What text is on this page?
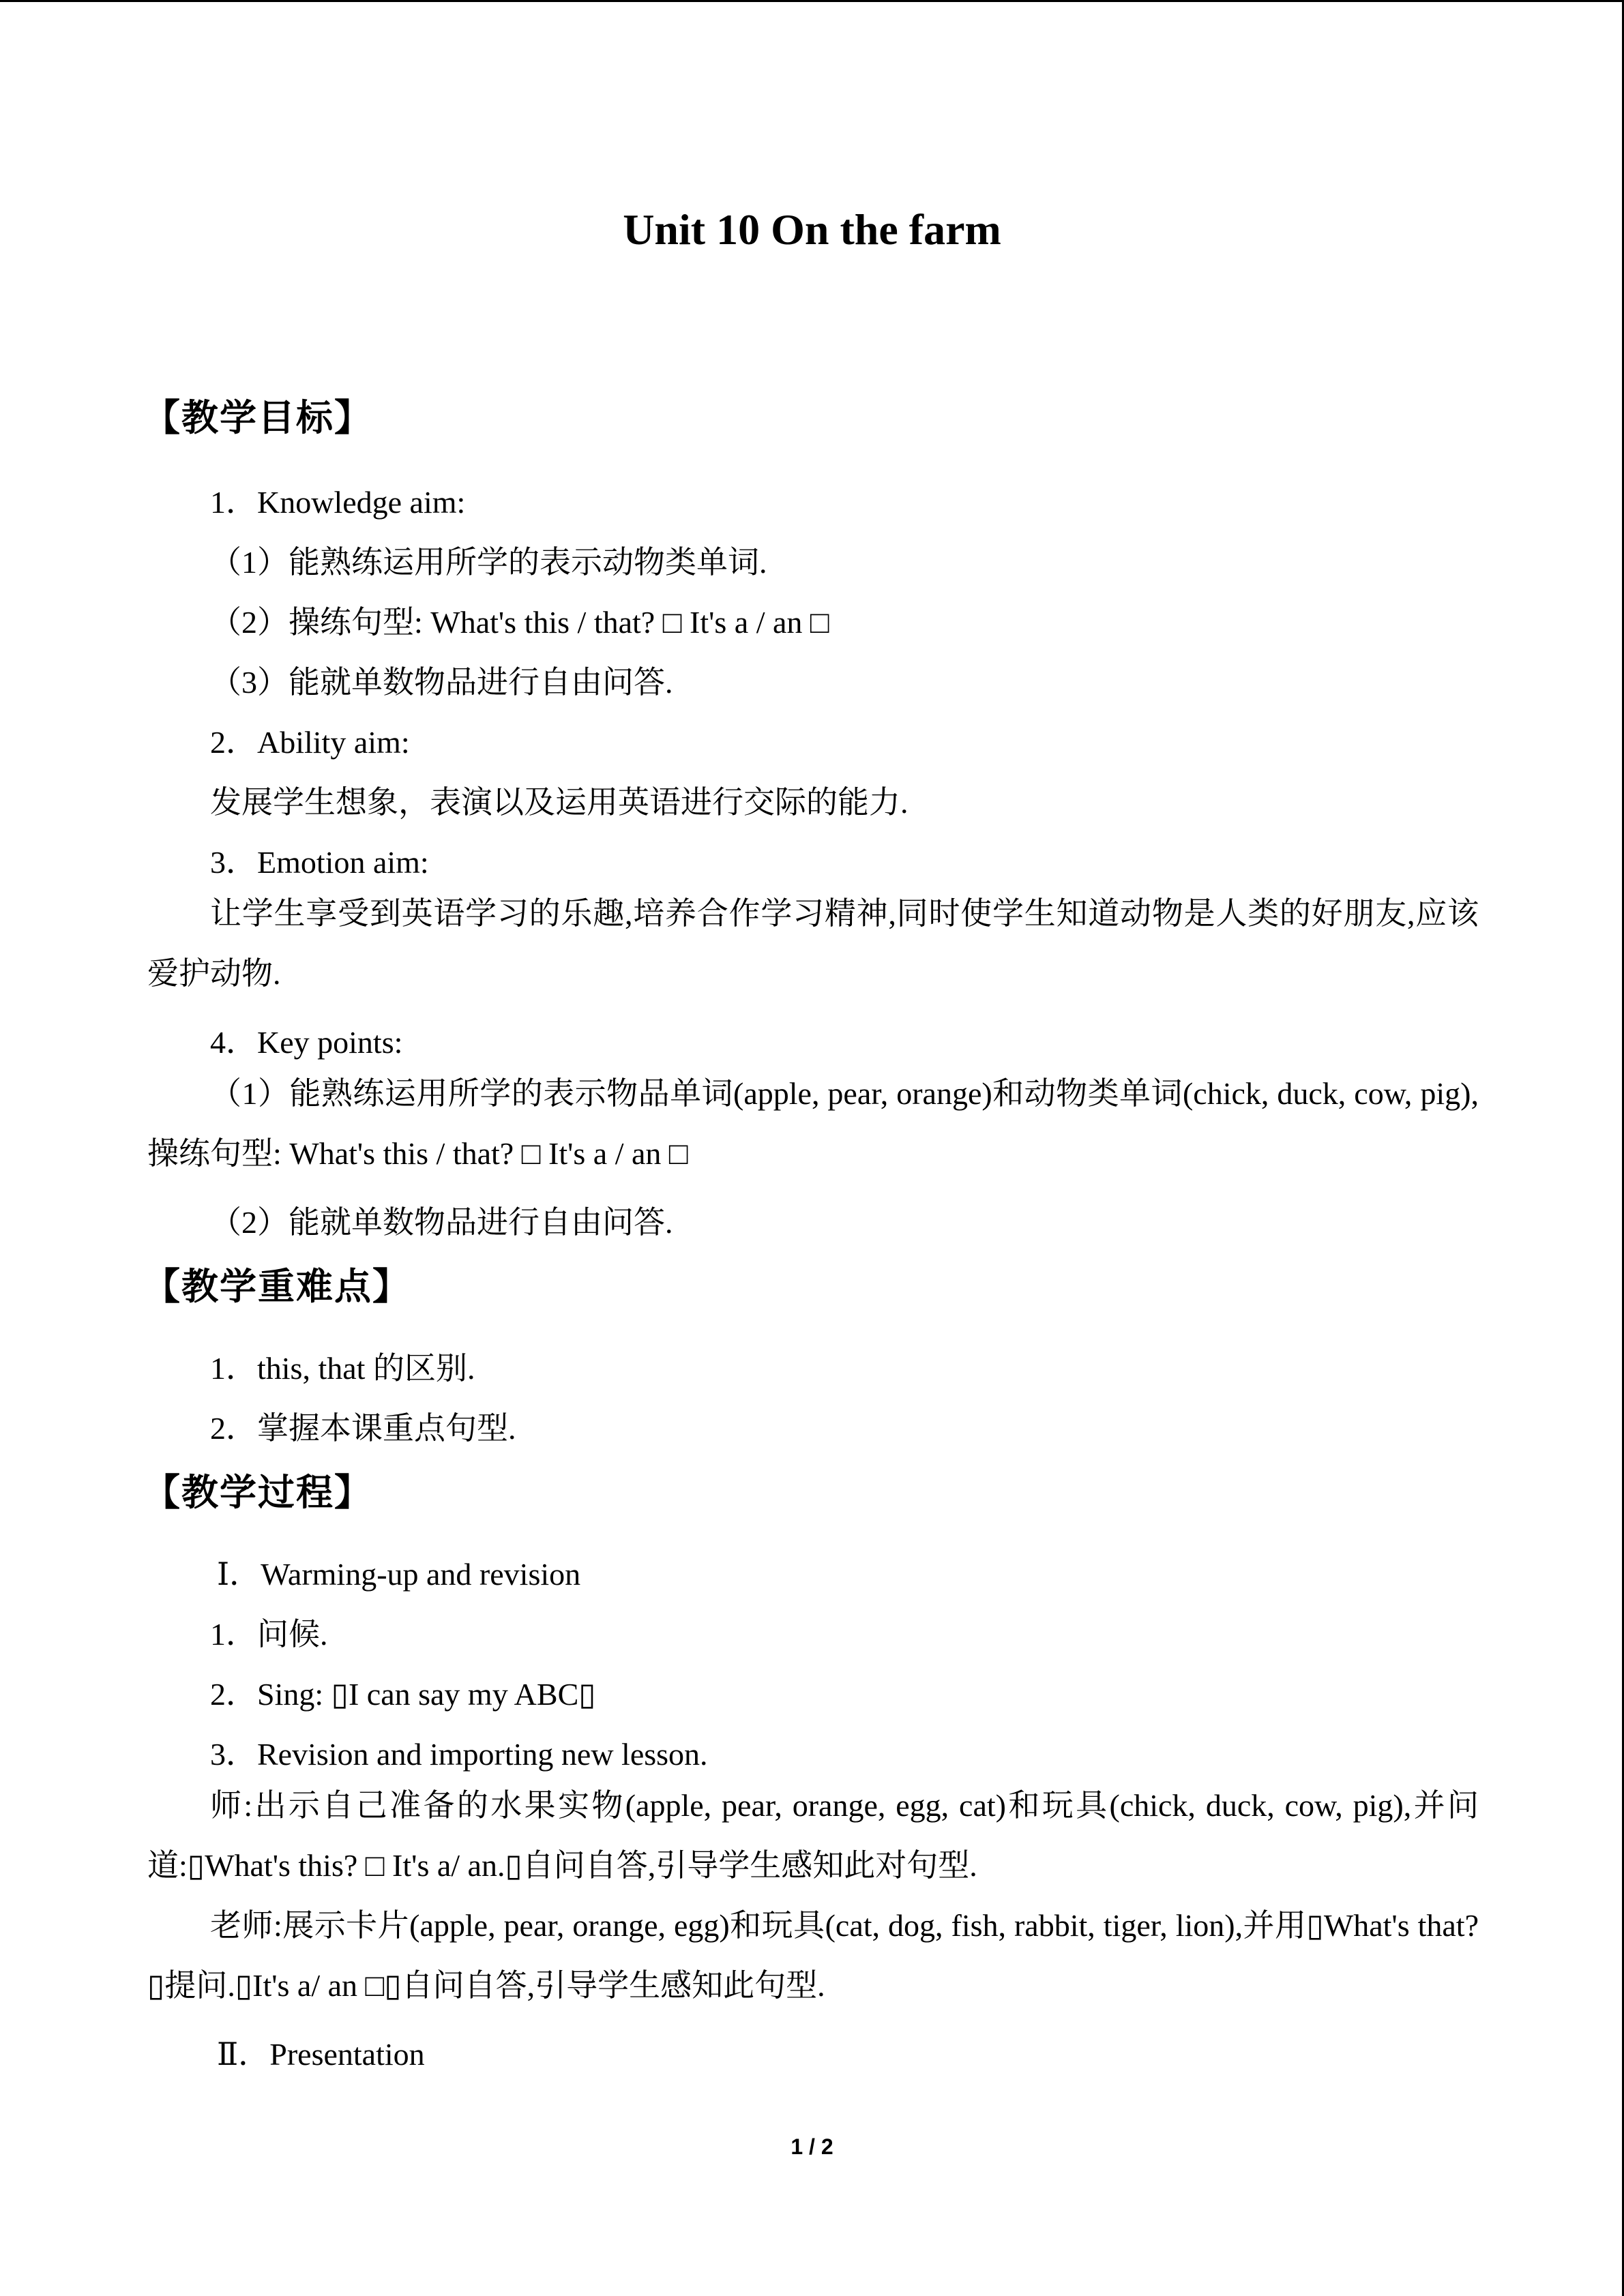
Unit 10 On the farm
【教学目标】
1．Knowledge aim:
（1）能熟练运用所学的表示动物类单词.
（2）操练句型: What's this / that? □ It's a / an □
（3）能就单数物品进行自由问答.
2．Ability aim:
发展学生想象，表演以及运用英语进行交际的能力.
3．Emotion aim:
让学生享受到英语学习的乐趣,培养合作学习精神,同时使学生知道动物是人类的好朋友,应该爱护动物.
4．Key points:
（1）能熟练运用所学的表示物品单词(apple, pear, orange)和动物类单词(chick, duck, cow, pig),操练句型: What's this / that? □ It's a / an □
（2）能就单数物品进行自由问答.
【教学重难点】
1．this, that 的区别.
2．掌握本课重点句型.
【教学过程】
Ⅰ．Warming-up and revision
1．问候.
2．Sing: ▯I can say my ABC▯
3．Revision and importing new lesson.
师:出示自己准备的水果实物(apple, pear, orange, egg, cat)和玩具(chick, duck, cow, pig),并问道:▯What's this? □ It's a/ an.▯自问自答,引导学生感知此对句型.
老师:展示卡片(apple, pear, orange, egg)和玩具(cat, dog, fish, rabbit, tiger, lion),并用▯What's that?▯提问.▯It's a/ an □▯自问自答,引导学生感知此句型.
Ⅱ．Presentation
1 / 2
